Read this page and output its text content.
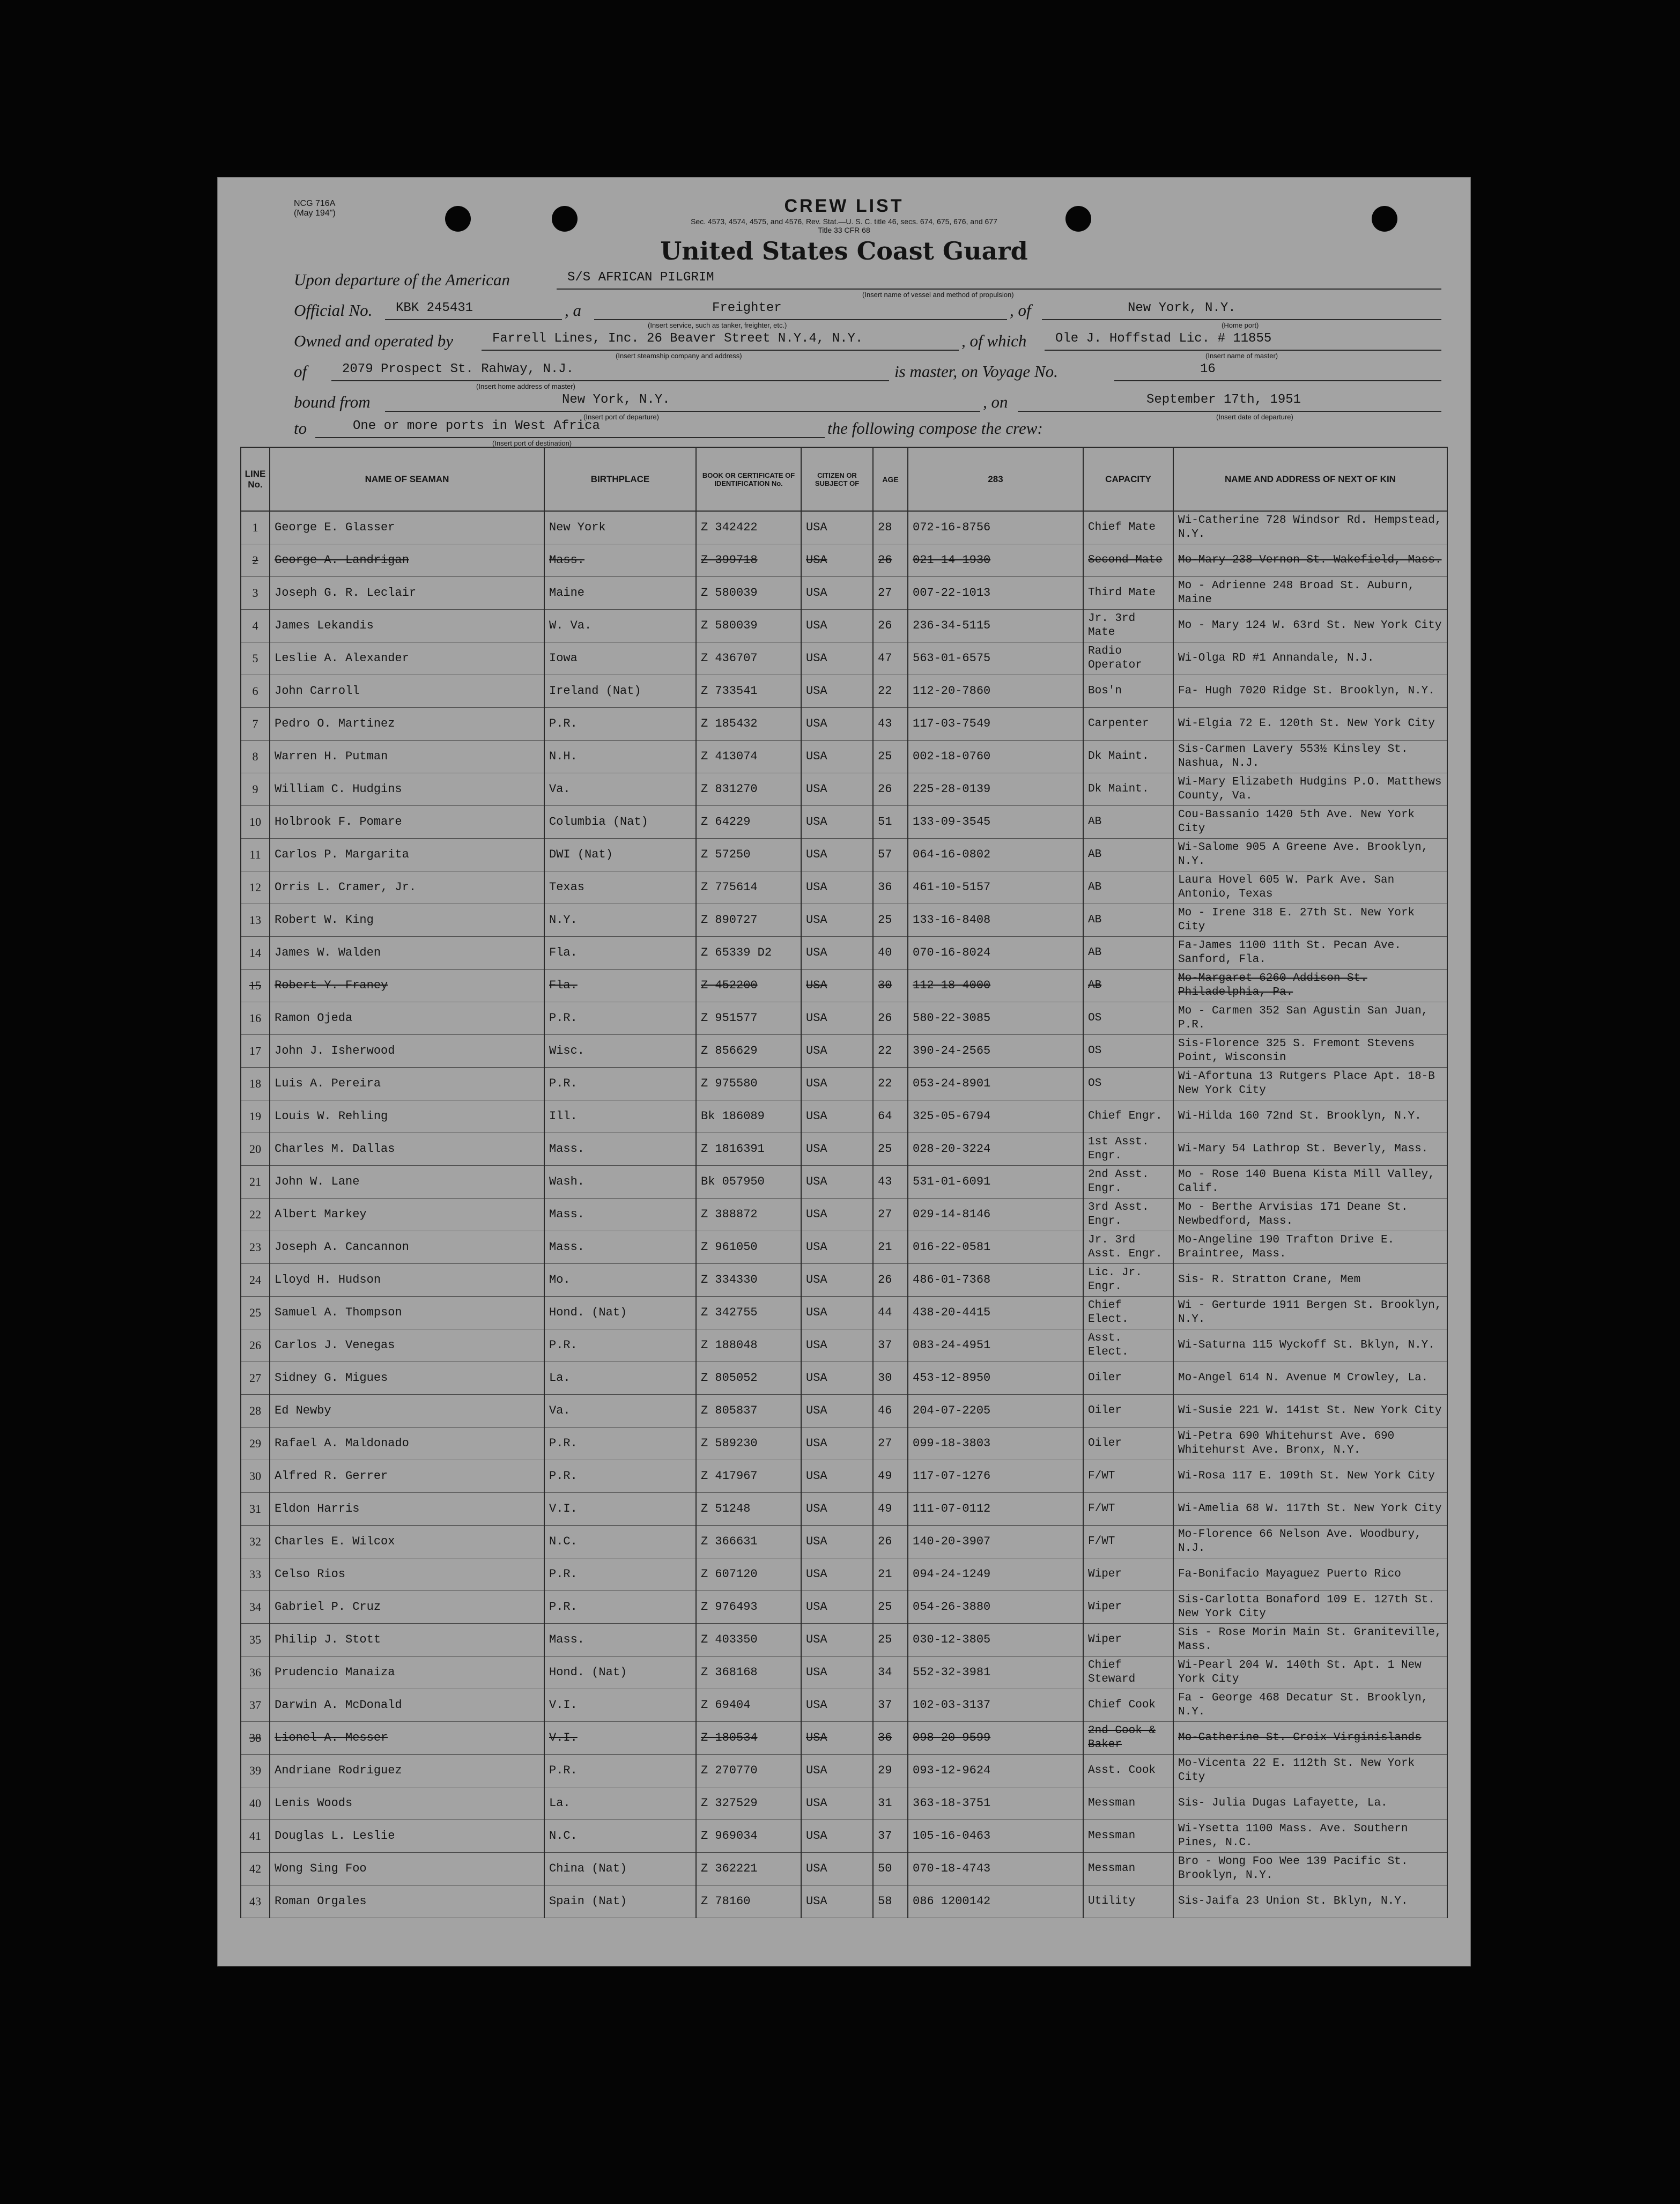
NCG 716A
(May 194")	CREW LIST
Sec. 4573, 4574, 4575, and 4576, Rev. Stat.—U. S. C. title 46, secs. 674, 675, 676, and 677
Title 33 CFR 68
United States Coast Guard
Upon departure of the American	S/S AFRICAN PILGRIM
(Insert name of vessel and method of propulsion)
Official No.	KBK 245431	, a	Freighter
(Insert service, such as tanker, freighter, etc.)
, of	New York, N.Y.
(Home port)
Owned and operated by	Farrell Lines, Inc. 26 Beaver Street N.Y.4, N.Y.
(Insert steamship company and address)
, of which	Ole J. Hoffstad Lic. # 11855
(Insert name of master)
of	2079 Prospect St. Rahway, N.J.
(Insert home address of master)
is master, on Voyage No.	16
bound from	New York, N.Y.
(Insert port of departure)
, on	September 17th, 1951
(Insert date of departure)
to	One or more ports in West Africa
(Insert port of destination)
the following compose the crew:
LINE No.	NAME OF SEAMAN	BIRTHPLACE	BOOK OR CERTIFICATE OF IDENTIFICATION No.	CITIZEN OR SUBJECT OF	AGE	283	CAPACITY	NAME AND ADDRESS OF NEXT OF KIN
1	George E. Glasser	New York	Z 342422	USA	28	072-16-8756	Chief Mate	Wi-Catherine 728 Windsor Rd. Hempstead, N.Y.
2	George A. Landrigan	Mass.	Z 399718	USA	26	021-14-1930	Second Mate	Mo-Mary 238 Vernon St. Wakefield, Mass.
3	Joseph G. R. Leclair	Maine	Z 580039	USA	27	007-22-1013	Third Mate	Mo - Adrienne 248 Broad St. Auburn, Maine
4	James Lekandis	W. Va.	Z 580039	USA	26	236-34-5115	Jr. 3rd Mate	Mo - Mary 124 W. 63rd St. New York City
5	Leslie A. Alexander	Iowa	Z 436707	USA	47	563-01-6575	Radio Operator	Wi-Olga RD #1 Annandale, N.J.
6	John Carroll	Ireland (Nat)	Z 733541	USA	22	112-20-7860	Bos'n	Fa- Hugh 7020 Ridge St. Brooklyn, N.Y.
7	Pedro O. Martinez	P.R.	Z 185432	USA	43	117-03-7549	Carpenter	Wi-Elgia 72 E. 120th St. New York City
8	Warren H. Putman	N.H.	Z 413074	USA	25	002-18-0760	Dk Maint.	Sis-Carmen Lavery 553½ Kinsley St. Nashua, N.J.
9	William C. Hudgins	Va.	Z 831270	USA	26	225-28-0139	Dk Maint.	Wi-Mary Elizabeth Hudgins P.O. Matthews County, Va.
10	Holbrook F. Pomare	Columbia (Nat)	Z 64229	USA	51	133-09-3545	AB	Cou-Bassanio 1420 5th Ave. New York City
11	Carlos P. Margarita	DWI (Nat)	Z 57250	USA	57	064-16-0802	AB	Wi-Salome 905 A Greene Ave. Brooklyn, N.Y.
12	Orris L. Cramer, Jr.	Texas	Z 775614	USA	36	461-10-5157	AB	Laura Hovel 605 W. Park Ave. San Antonio, Texas
13	Robert W. King	N.Y.	Z 890727	USA	25	133-16-8408	AB	Mo - Irene 318 E. 27th St. New York City
14	James W. Walden	Fla.	Z 65339 D2	USA	40	070-16-8024	AB	Fa-James 1100 11th St. Pecan Ave. Sanford, Fla.
15	Robert Y. Franey	Fla.	Z 452200	USA	30	112-18-4000	AB	Mo-Margaret 6260 Addison St. Philadelphia, Pa.
16	Ramon Ojeda	P.R.	Z 951577	USA	26	580-22-3085	OS	Mo - Carmen 352 San Agustin San Juan, P.R.
17	John J. Isherwood	Wisc.	Z 856629	USA	22	390-24-2565	OS	Sis-Florence 325 S. Fremont Stevens Point, Wisconsin
18	Luis A. Pereira	P.R.	Z 975580	USA	22	053-24-8901	OS	Wi-Afortuna 13 Rutgers Place Apt. 18-B New York City
19	Louis W. Rehling	Ill.	Bk 186089	USA	64	325-05-6794	Chief Engr.	Wi-Hilda 160 72nd St. Brooklyn, N.Y.
20	Charles M. Dallas	Mass.	Z 1816391	USA	25	028-20-3224	1st Asst. Engr.	Wi-Mary 54 Lathrop St. Beverly, Mass.
21	John W. Lane	Wash.	Bk 057950	USA	43	531-01-6091	2nd Asst. Engr.	Mo - Rose 140 Buena Kista Mill Valley, Calif.
22	Albert Markey	Mass.	Z 388872	USA	27	029-14-8146	3rd Asst. Engr.	Mo - Berthe Arvisias 171 Deane St. Newbedford, Mass.
23	Joseph A. Cancannon	Mass.	Z 961050	USA	21	016-22-0581	Jr. 3rd Asst. Engr.	Mo-Angeline 190 Trafton Drive E. Braintree, Mass.
24	Lloyd H. Hudson	Mo.	Z 334330	USA	26	486-01-7368	Lic. Jr. Engr.	Sis- R. Stratton Crane, Mem
25	Samuel A. Thompson	Hond. (Nat)	Z 342755	USA	44	438-20-4415	Chief Elect.	Wi - Gerturde 1911 Bergen St. Brooklyn, N.Y.
26	Carlos J. Venegas	P.R.	Z 188048	USA	37	083-24-4951	Asst. Elect.	Wi-Saturna 115 Wyckoff St. Bklyn, N.Y.
27	Sidney G. Migues	La.	Z 805052	USA	30	453-12-8950	Oiler	Mo-Angel 614 N. Avenue M Crowley, La.
28	Ed Newby	Va.	Z 805837	USA	46	204-07-2205	Oiler	Wi-Susie 221 W. 141st St. New York City
29	Rafael A. Maldonado	P.R.	Z 589230	USA	27	099-18-3803	Oiler	Wi-Petra 690 Whitehurst Ave. 690 Whitehurst Ave. Bronx, N.Y.
30	Alfred R. Gerrer	P.R.	Z 417967	USA	49	117-07-1276	F/WT	Wi-Rosa 117 E. 109th St. New York City
31	Eldon Harris	V.I.	Z 51248	USA	49	111-07-0112	F/WT	Wi-Amelia 68 W. 117th St. New York City
32	Charles E. Wilcox	N.C.	Z 366631	USA	26	140-20-3907	F/WT	Mo-Florence 66 Nelson Ave. Woodbury, N.J.
33	Celso Rios	P.R.	Z 607120	USA	21	094-24-1249	Wiper	Fa-Bonifacio Mayaguez Puerto Rico
34	Gabriel P. Cruz	P.R.	Z 976493	USA	25	054-26-3880	Wiper	Sis-Carlotta Bonaford 109 E. 127th St. New York City
35	Philip J. Stott	Mass.	Z 403350	USA	25	030-12-3805	Wiper	Sis - Rose Morin Main St. Graniteville, Mass.
36	Prudencio Manaiza	Hond. (Nat)	Z 368168	USA	34	552-32-3981	Chief Steward	Wi-Pearl 204 W. 140th St. Apt. 1 New York City
37	Darwin A. McDonald	V.I.	Z 69404	USA	37	102-03-3137	Chief Cook	Fa - George 468 Decatur St. Brooklyn, N.Y.
38	Lionel A. Messer	V.I.	Z 180534	USA	36	098-20-9599	2nd Cook & Baker	Mo-Catherine St. Croix Virginislands
39	Andriane Rodriguez	P.R.	Z 270770	USA	29	093-12-9624	Asst. Cook	Mo-Vicenta 22 E. 112th St. New York City
40	Lenis Woods	La.	Z 327529	USA	31	363-18-3751	Messman	Sis- Julia Dugas Lafayette, La.
41	Douglas L. Leslie	N.C.	Z 969034	USA	37	105-16-0463	Messman	Wi-Ysetta 1100 Mass. Ave. Southern Pines, N.C.
42	Wong Sing Foo	China (Nat)	Z 362221	USA	50	070-18-4743	Messman	Bro - Wong Foo Wee 139 Pacific St. Brooklyn, N.Y.
43	Roman Orgales	Spain (Nat)	Z 78160	USA	58	086 1200142	Utility	Sis-Jaifa 23 Union St. Bklyn, N.Y.
